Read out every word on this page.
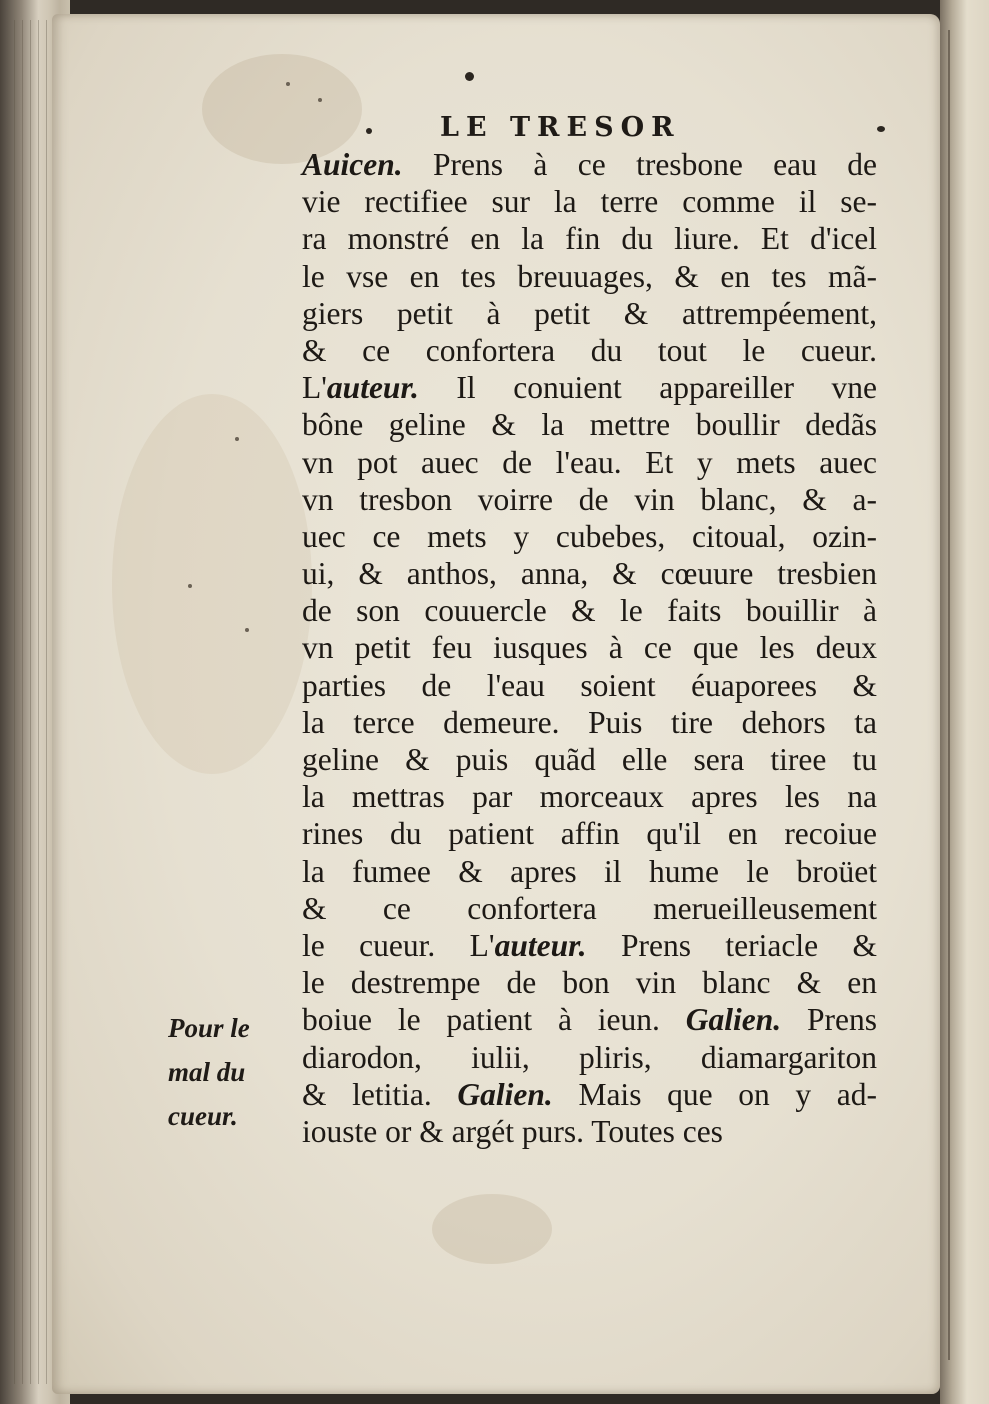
LE TRESOR
Auicen. Prens à ce tresbone eau de
vie rectifiee sur la terre comme il se-
ra monstré en la fin du liure. Et d'icel
le vse en tes breuuages, & en tes mã-
giers petit à petit & attrempéement,
& ce confortera du tout le cueur.
L'auteur. Il conuient appareiller vne
bône geline & la mettre boullir dedãs
vn pot auec de l'eau. Et y mets auec
vn tresbon voirre de vin blanc, & a-
uec ce mets y cubebes, citoual, ozin-
ui, & anthos, anna, & cœuure tresbien
de son couuercle & le faits bouillir à
vn petit feu iusques à ce que les deux
parties de l'eau soient éuaporees &
la terce demeure. Puis tire dehors ta
geline & puis quãd elle sera tiree tu
la mettras par morceaux apres les na
rines du patient affin qu'il en recoiue
la fumee & apres il hume le broüet
& ce confortera merueilleusement
le cueur. L'auteur. Prens teriacle &
le destrempe de bon vin blanc & en
boiue le patient à ieun. Galien. Prens
diarodon, iulii, pliris, diamargariton
& letitia. Galien. Mais que on y ad-
iouste or & argét purs. Toutes ces
Pour le
mal du
cueur.
